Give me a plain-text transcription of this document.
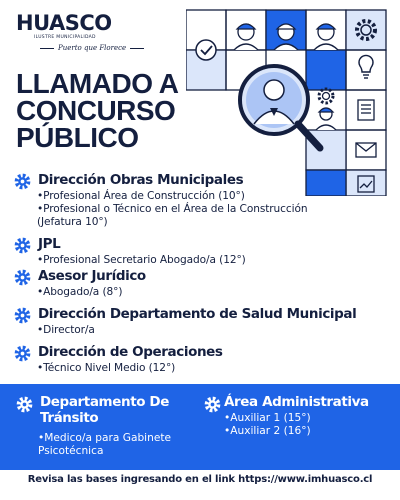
HUASCO
ILUSTRE MUNICIPALIDAD
Puerto que Florece
LLAMADO A
CONCURSO
PÚBLICO
Dirección Obras Municipales
•Profesional Área de Construcción (10°)
•Profesional o Técnico en el Área de la Construcción
(Jefatura 10°)
JPL
•Profesional Secretario Abogado/a (12°)
Asesor Jurídico
•Abogado/a (8°)
Dirección Departamento de Salud Municipal
•Director/a
Dirección de Operaciones
•Técnico Nivel Medio (12°)
Departamento De
Tránsito
•Medico/a para Gabinete
Psicotécnica
Área Administrativa
•Auxiliar 1 (15°)
•Auxiliar 2 (16°)
Revisa las bases ingresando en el link https://www.imhuasco.cl
